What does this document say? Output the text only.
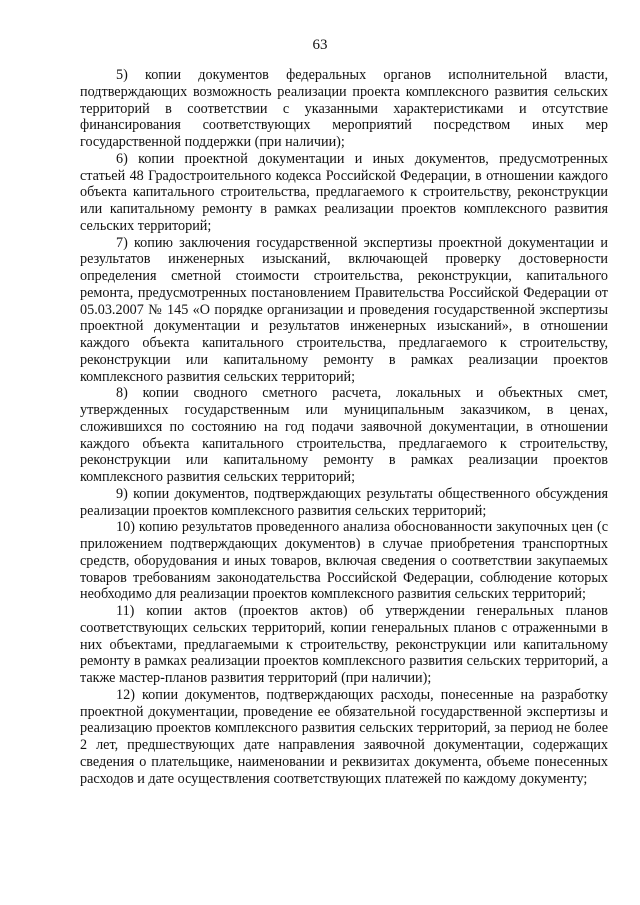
63

5) копии документов федеральных органов исполнительной власти, подтверждающих возможность реализации проекта комплексного развития сельских территорий в соответствии с указанными характеристиками и отсутствие финансирования соответствующих мероприятий посредством иных мер государственной поддержки (при наличии);

6) копии проектной документации и иных документов, предусмотренных статьей 48 Градостроительного кодекса Российской Федерации, в отношении каждого объекта капитального строительства, предлагаемого к строительству, реконструкции или капитальному ремонту в рамках реализации проектов комплексного развития сельских территорий;

7) копию заключения государственной экспертизы проектной документации и результатов инженерных изысканий, включающей проверку достоверности определения сметной стоимости строительства, реконструкции, капитального ремонта, предусмотренных постановлением Правительства Российской Федерации от 05.03.2007 № 145 «О порядке организации и проведения государственной экспертизы проектной документации и результатов инженерных изысканий», в отношении каждого объекта капитального строительства, предлагаемого к строительству, реконструкции или капитальному ремонту в рамках реализации проектов комплексного развития сельских территорий;

8) копии сводного сметного расчета, локальных и объектных смет, утвержденных государственным или муниципальным заказчиком, в ценах, сложившихся по состоянию на год подачи заявочной документации, в отношении каждого объекта капитального строительства, предлагаемого к строительству, реконструкции или капитальному ремонту в рамках реализации проектов комплексного развития сельских территорий;

9) копии документов, подтверждающих результаты общественного обсуждения реализации проектов комплексного развития сельских территорий;

10) копию результатов проведенного анализа обоснованности закупочных цен (с приложением подтверждающих документов) в случае приобретения транспортных средств, оборудования и иных товаров, включая сведения о соответствии закупаемых товаров требованиям законодательства Российской Федерации, соблюдение которых необходимо для реализации проектов комплексного развития сельских территорий;

11) копии актов (проектов актов) об утверждении генеральных планов соответствующих сельских территорий, копии генеральных планов с отраженными в них объектами, предлагаемыми к строительству, реконструкции или капитальному ремонту в рамках реализации проектов комплексного развития сельских территорий, а также мастер-планов развития территорий (при наличии);

12) копии документов, подтверждающих расходы, понесенные на разработку проектной документации, проведение ее обязательной государственной экспертизы и реализацию проектов комплексного развития сельских территорий, за период не более 2 лет, предшествующих дате направления заявочной документации, содержащих сведения о плательщике, наименовании и реквизитах документа, объеме понесенных расходов и дате осуществления соответствующих платежей по каждому документу;
